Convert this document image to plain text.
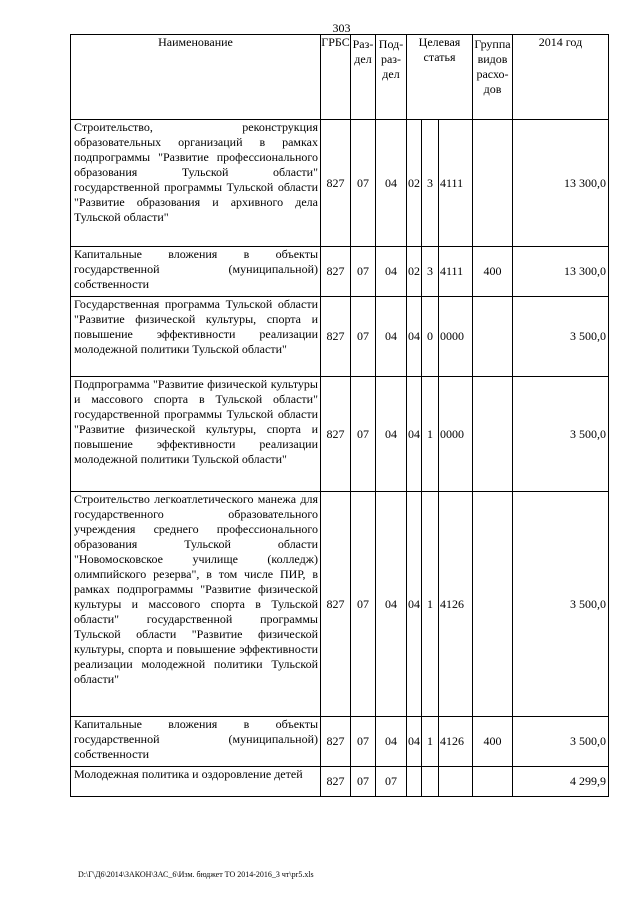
303
Наименование	ГРБС	Раз-дел	Под-раз-дел	Целевая статья			Группа видов расхо-дов	2014 год
Строительство, реконструкция образовательных организаций в рамках подпрограммы "Развитие профессионального образования Тульской области" государственной программы Тульской области "Развитие образования и архивного дела Тульской области"	827	07	04	02	3	4111		13 300,0
Капитальные вложения в объекты государственной (муниципальной) собственности	827	07	04	02	3	4111	400	13 300,0
Государственная программа Тульской области "Развитие физической культуры, спорта и повышение эффективности реализации молодежной политики Тульской области"	827	07	04	04	0	0000		3 500,0
Подпрограмма "Развитие физической культуры и массового спорта в Тульской области" государственной программы Тульской области "Развитие физической культуры, спорта и повышение эффективности реализации молодежной политики Тульской области"	827	07	04	04	1	0000		3 500,0
Строительство легкоатлетического манежа для государственного образовательного учреждения среднего профессионального образования Тульской области "Новомосковское училище (колледж) олимпийского резерва", в том числе ПИР, в рамках подпрограммы "Развитие физической культуры и массового спорта в Тульской области" государственной программы Тульской области "Развитие физической культуры, спорта и повышение эффективности реализации молодежной политики Тульской области"	827	07	04	04	1	4126		3 500,0
Капитальные вложения в объекты государственной (муниципальной) собственности	827	07	04	04	1	4126	400	3 500,0
Молодежная политика и оздоровление детей	827	07	07					4 299,9
D:\Г\Д6\2014\ЗАКОН\ЗАС_6\Изм. бюджет ТО 2014-2016_3 чт\pr5.xls
